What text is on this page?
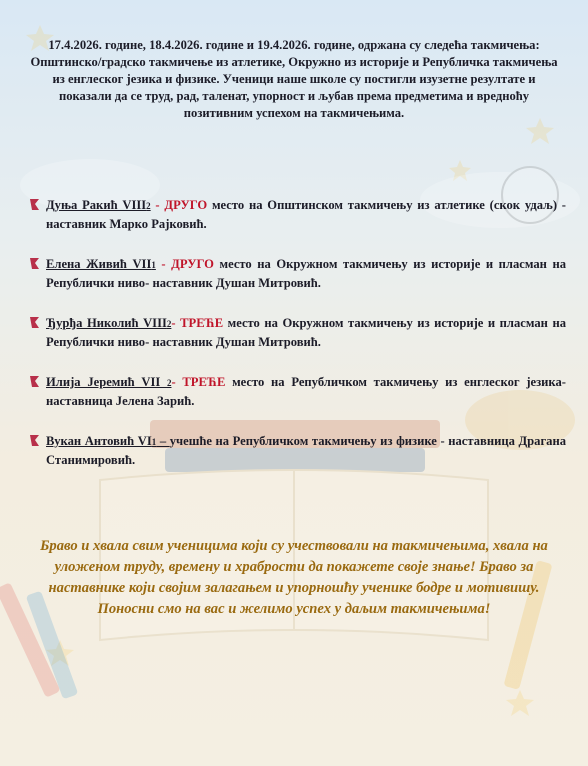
17.4.2026. године, 18.4.2026. године и 19.4.2026. године, одржана су следећа такмичења: Општинско/градско такмичење из атлетике, Окружно из историје и Републичка такмичења из енглеског језика и физике. Ученици наше школе су постигли изузетне резултате и показали да се труд, рад, таленат, упорност и љубав према предметима и вредноћу позитивним успехом на такмичењима.
Дуња Ракић VIII2 - ДРУГО место на Општинском такмичењу из атлетике (скок удаљ) - наставник Марко Рајковић.
Елена Живић VII1 - ДРУГО место на Окружном такмичењу из историје и пласман на Републички ниво- наставник Душан Митровић.
Ђурђа Николић VIII2- ТРЕЋЕ место на Окружном такмичењу из историје и пласман на Републички ниво- наставник Душан Митровић.
Илија Јеремић VII 2- ТРЕЋЕ место на Републичком такмичењу из енглеског језика- наставница Јелена Зарић.
Вукан Антовић VI1 – учешће на Републичком такмичењу из физике - наставница Драгана Станимировић.
Браво и хвала свим ученицима који су учествовали на такмичењима, хвала на уложеном труду, времену и храбрости да покажете своје знање! Браво за наставнике који својим залагањем и упорношћу ученике бодре и мотивишу. Поносни смо на вас и желимо успех у даљим такмичењима!
